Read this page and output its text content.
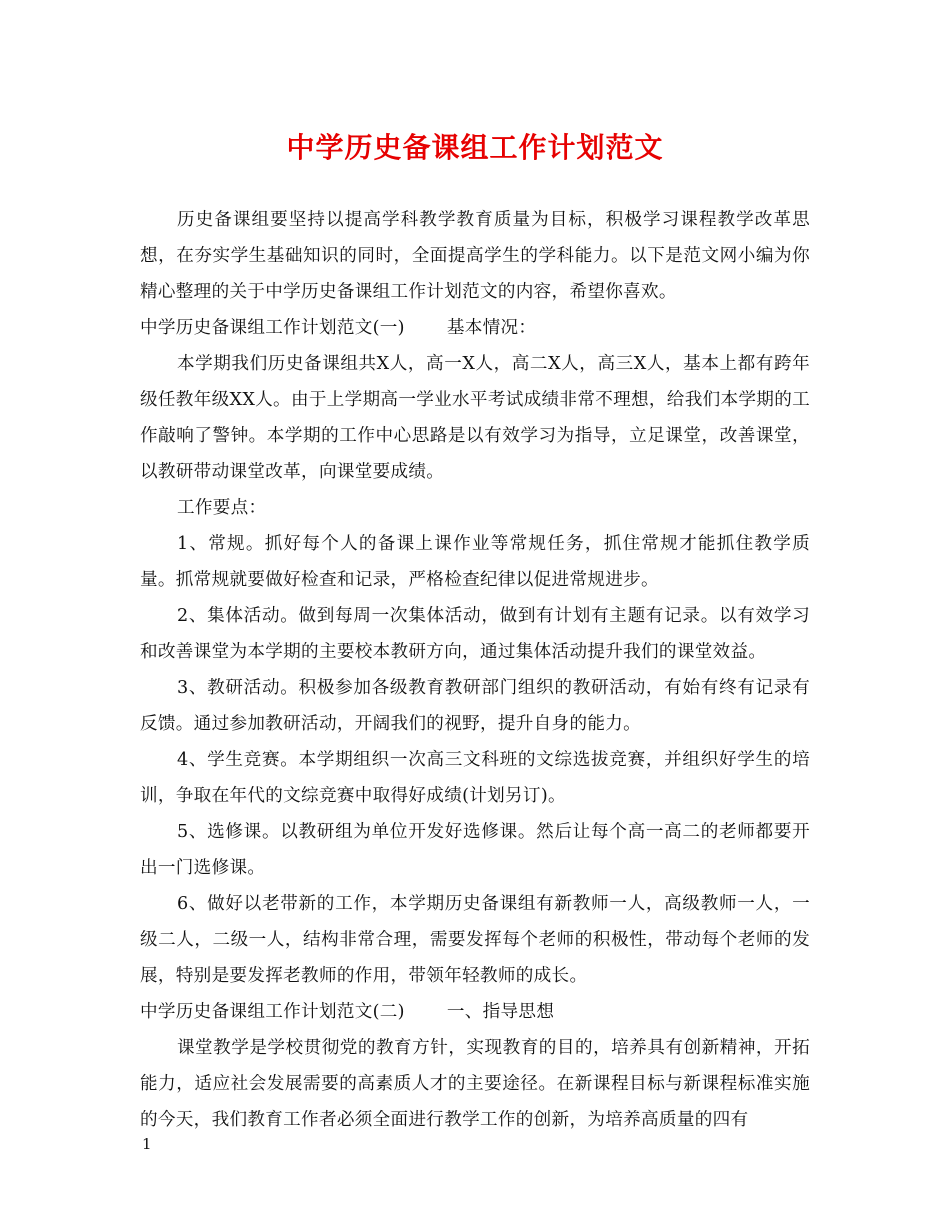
中学历史备课组工作计划范文

历史备课组要坚持以提高学科教学教育质量为目标，积极学习课程教学改革思想，在夯实学生基础知识的同时，全面提高学生的学科能力。以下是范文网小编为你精心整理的关于中学历史备课组工作计划范文的内容，希望你喜欢。

中学历史备课组工作计划范文(一) 基本情况：

本学期我们历史备课组共X人，高一X人，高二X人，高三X人，基本上都有跨年级任教年级XX人。由于上学期高一学业水平考试成绩非常不理想，给我们本学期的工作敲响了警钟。本学期的工作中心思路是以有效学习为指导，立足课堂，改善课堂，以教研带动课堂改革，向课堂要成绩。

工作要点：

1、常规。抓好每个人的备课上课作业等常规任务，抓住常规才能抓住教学质量。抓常规就要做好检查和记录，严格检查纪律以促进常规进步。

2、集体活动。做到每周一次集体活动，做到有计划有主题有记录。以有效学习和改善课堂为本学期的主要校本教研方向，通过集体活动提升我们的课堂效益。

3、教研活动。积极参加各级教育教研部门组织的教研活动，有始有终有记录有反馈。通过参加教研活动，开阔我们的视野，提升自身的能力。

4、学生竞赛。本学期组织一次高三文科班的文综选拔竞赛，并组织好学生的培训，争取在年代的文综竞赛中取得好成绩(计划另订)。

5、选修课。以教研组为单位开发好选修课。然后让每个高一高二的老师都要开出一门选修课。

6、做好以老带新的工作，本学期历史备课组有新教师一人，高级教师一人，一级二人，二级一人，结构非常合理，需要发挥每个老师的积极性，带动每个老师的发展，特别是要发挥老教师的作用，带领年轻教师的成长。

中学历史备课组工作计划范文(二) 一、指导思想

课堂教学是学校贯彻党的教育方针，实现教育的目的，培养具有创新精神，开拓能力，适应社会发展需要的高素质人才的主要途径。在新课程目标与新课程标准实施的今天，我们教育工作者必须全面进行教学工作的创新，为培养高质量的四有

1
